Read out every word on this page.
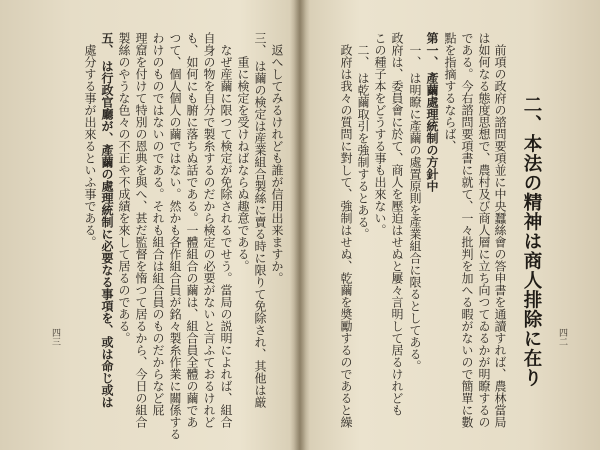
四三	四二
二、本法の精神は商人排除に在り
前項の政府の諮問要項並に中央蠶絲會の答申書を通讀すれば、農林當局
は如何なる態度思想で、農村及び商人層に立ち向つてゐるかが明瞭するの
である。今右諮問要項書に就て、一々批判を加へる暇がないので簡單に數
點を指摘するならば、
第一、 產繭處理統制の方針中
一、 は明瞭に產繭の處置原則を產業組合に限るとしてある。
政府は、委員會に於て、商人を壓迫はせぬと屢々言明して居るけれども
この種子本をどうする事も出來ない。
二、 は乾繭取引を強制するとある。
政府は我々の質問に對して、強制はせぬ、乾繭を奬勵するのであると繰
返へしてみるけれども誰が信用出来ますか。
三、 は繭の検定は産業組合製絲に賣る時に限りて免除され、其他は厳
重に検定を受けねばならぬ趣意である。
なぜ産繭に限つて検定が免除されるでせう。當局の説明によれば、組合
自身の物を自分で製糸するのだから検定の必要がないと言ふておるけれど
も、如何にも腑に落ちぬ話である。一體組合の繭は、組合員全體の繭であ
つて、個人個人の繭ではない。然かも各作組合員が銘々製糸作業に關係する
わけのものではないのである。それも組合は組合員のものだからなど屁
理窟を付けて特別の恩典を與へ、甚だ監督を惰つて居るから、今日の組合
製絲のやうな色々の不正や不成績を來して居るのである。
五、 は行政官廳が、產繭の處理統制に必要なる事項を、或は命じ或は
處分する事が出來るといふ事である。
